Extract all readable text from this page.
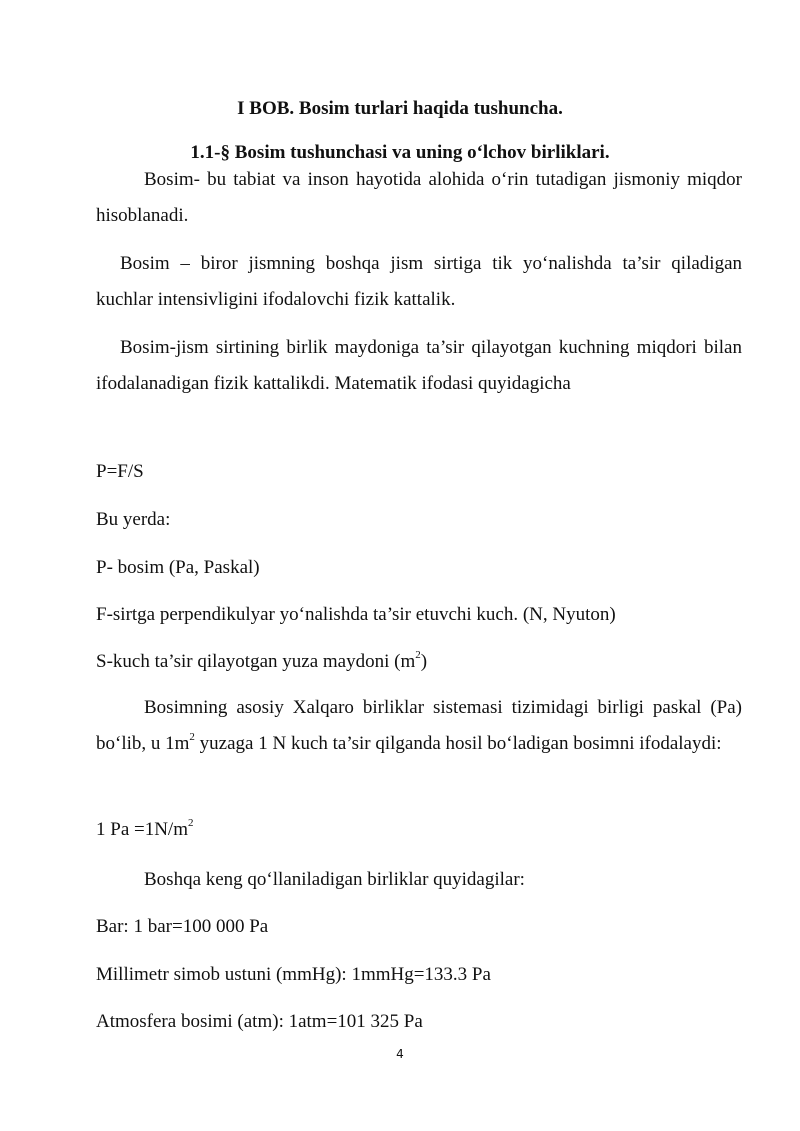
I BOB. Bosim turlari haqida tushuncha.
1.1-§ Bosim tushunchasi va uning o‘lchov birliklari.

Bosim- bu tabiat va inson hayotida alohida o‘rin tutadigan jismoniy miqdor hisoblanadi.

Bosim – biror jismning boshqa jism sirtiga tik yo‘nalishda ta’sir qiladigan kuchlar intensivligini ifodalovchi fizik kattalik.

Bosim-jism sirtining birlik maydoniga ta’sir qilayotgan kuchning miqdori bilan ifodalanadigan fizik kattalikdi. Matematik ifodasi quyidagicha

P=F/S

Bu yerda:

P- bosim (Pa, Paskal)

F-sirtga perpendikulyar yo‘nalishda ta’sir etuvchi kuch. (N, Nyuton)

S-kuch ta’sir qilayotgan yuza maydoni $(m^2)$

Bosimning asosiy Xalqaro birliklar sistemasi tizimidagi birligi paskal (Pa) bo‘lib, u $1m^2$ yuzaga 1 N kuch ta’sir qilganda hosil bo‘ladigan bosimni ifodalaydi:

1 $Pa =1N/m^2$

Boshqa keng qo‘llaniladigan birliklar quyidagilar:

Bar: 1 bar=100 000 Pa

Millimetr simob ustuni (mmHg): 1mmHg=133.3 Pa

Atmosfera bosimi (atm): 1atm=101 325 Pa

4
